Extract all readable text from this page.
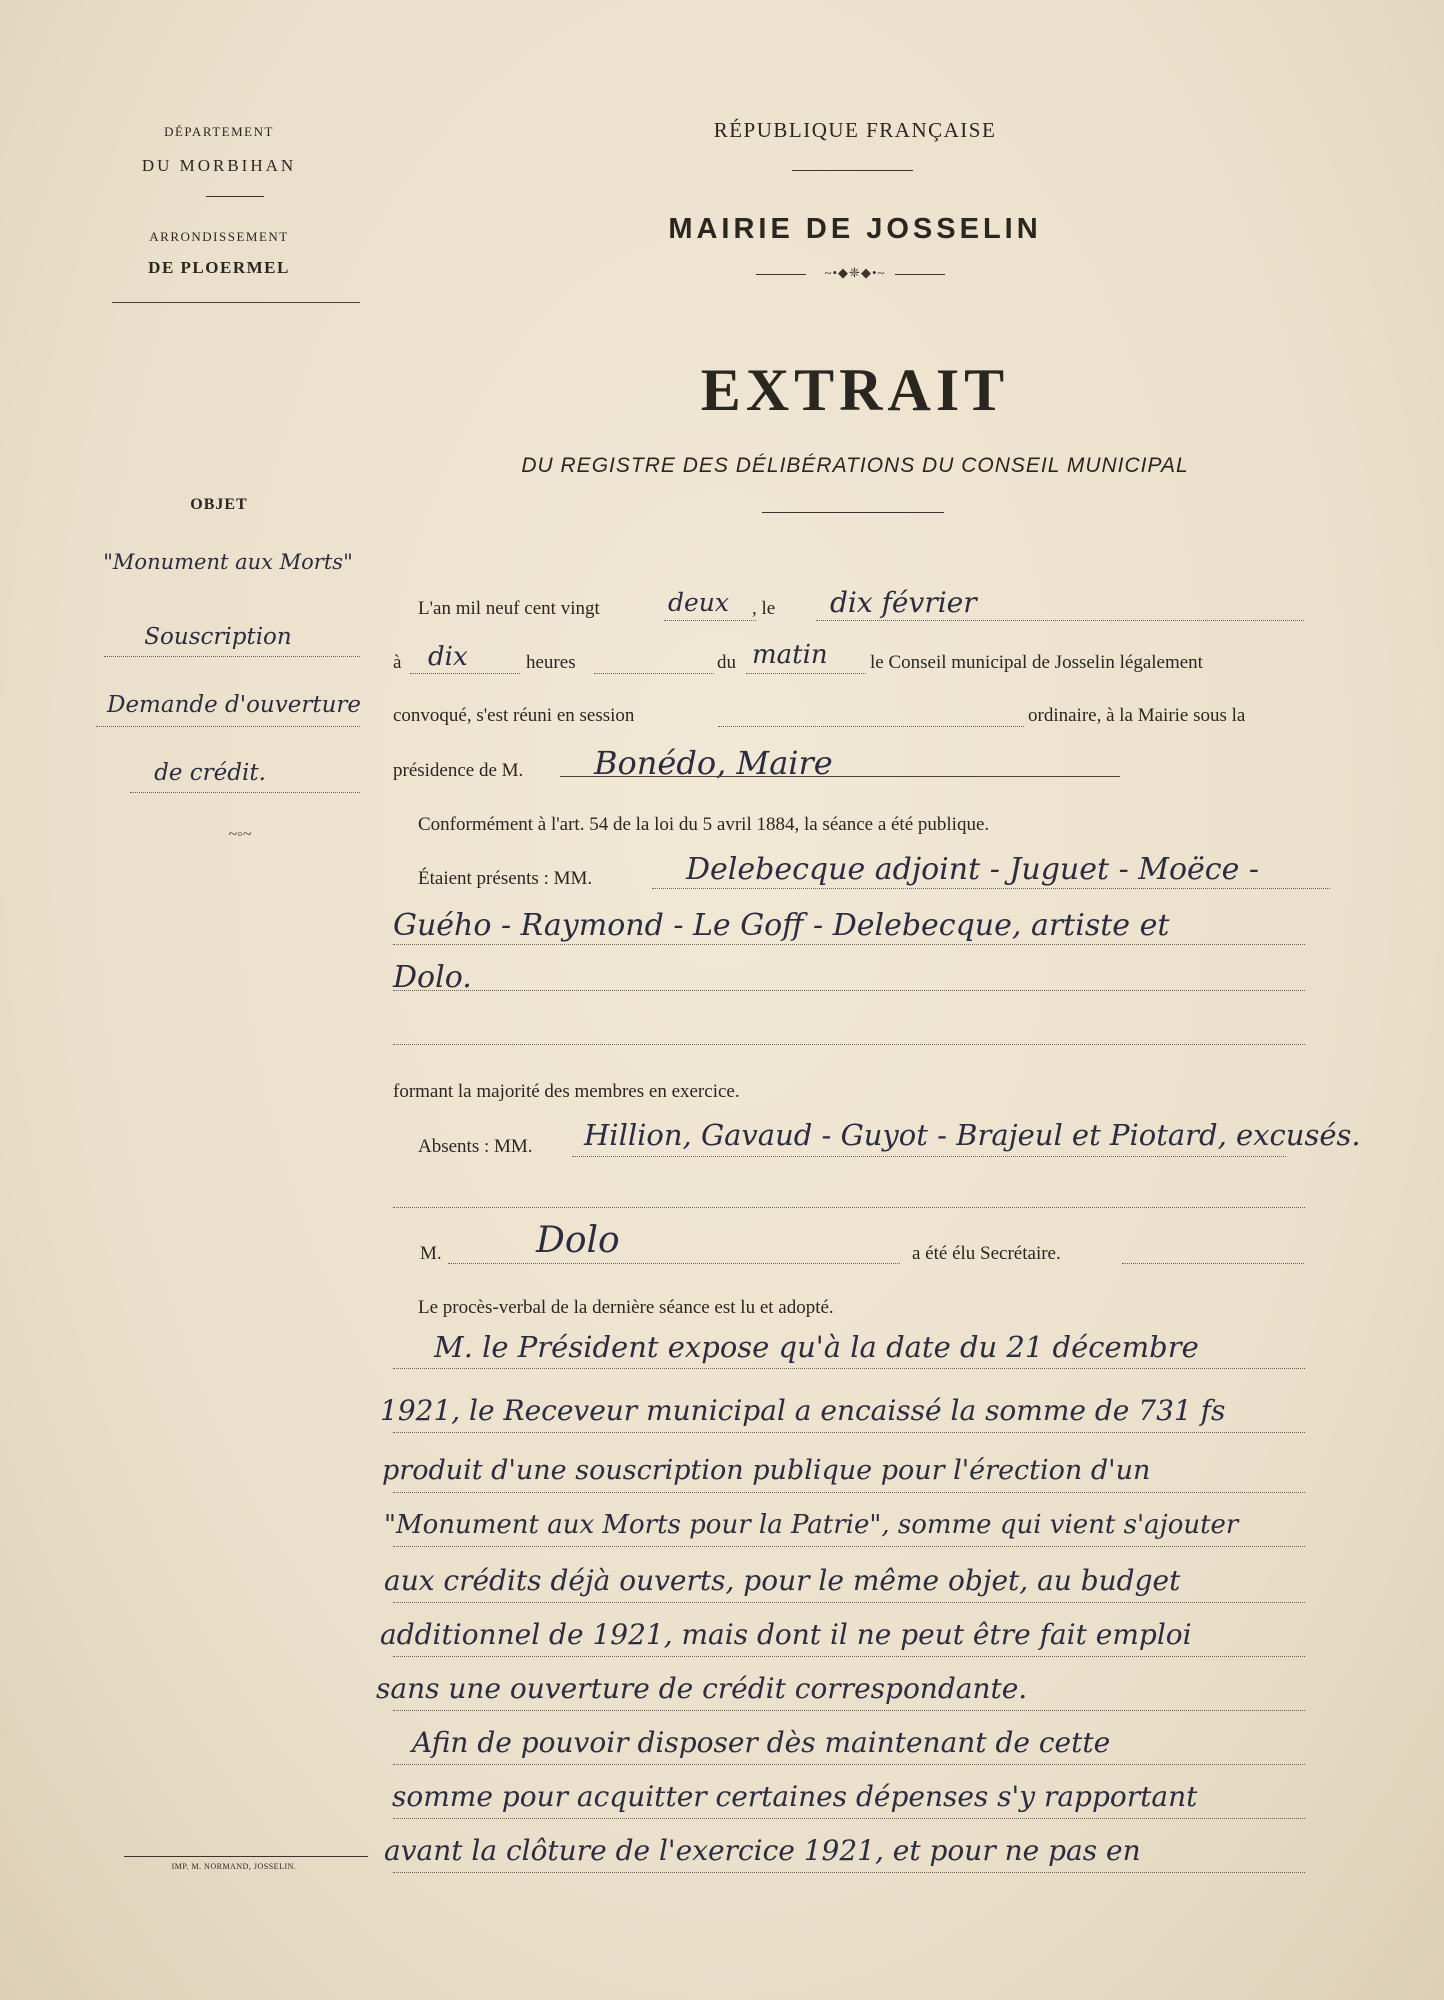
DÉPARTEMENT
DU MORBIHAN
ARRONDISSEMENT
DE PLOERMEL
RÉPUBLIQUE FRANÇAISE
MAIRIE DE JOSSELIN
~•◆❈◆•~
EXTRAIT
DU REGISTRE DES DÉLIBÉRATIONS DU CONSEIL MUNICIPAL
OBJET
"Monument aux Morts"
Souscription
Demande d'ouverture
de crédit.
~◦~
IMP. M. NORMAND, JOSSELIN.
L'an mil neuf cent vingt	deux , le dix février
à dix	heures	du matin le Conseil municipal de Josselin légalement
convoqué, s'est réuni en session	ordinaire, à la Mairie sous la
présidence de M. Bonédo, Maire
Conformément à l'art. 54 de la loi du 5 avril 1884, la séance a été publique.
Étaient présents : MM.	Delebecque adjoint - Juguet - Moëce -
Guého - Raymond - Le Goff - Delebecque, artiste et
Dolo.
formant la majorité des membres en exercice.
Absents : MM. Hillion, Gavaud - Guyot - Brajeul et Piotard, excusés.
M.	Dolo	a été élu Secrétaire.
Le procès-verbal de la dernière séance est lu et adopté.
M. le Président expose qu'à la date du 21 décembre
1921, le Receveur municipal a encaissé la somme de 731 fs
produit d'une souscription publique pour l'érection d'un
"Monument aux Morts pour la Patrie", somme qui vient s'ajouter
aux crédits déjà ouverts, pour le même objet, au budget
additionnel de 1921, mais dont il ne peut être fait emploi
sans une ouverture de crédit correspondante.
Afin de pouvoir disposer dès maintenant de cette
somme pour acquitter certaines dépenses s'y rapportant
avant la clôture de l'exercice 1921, et pour ne pas en
